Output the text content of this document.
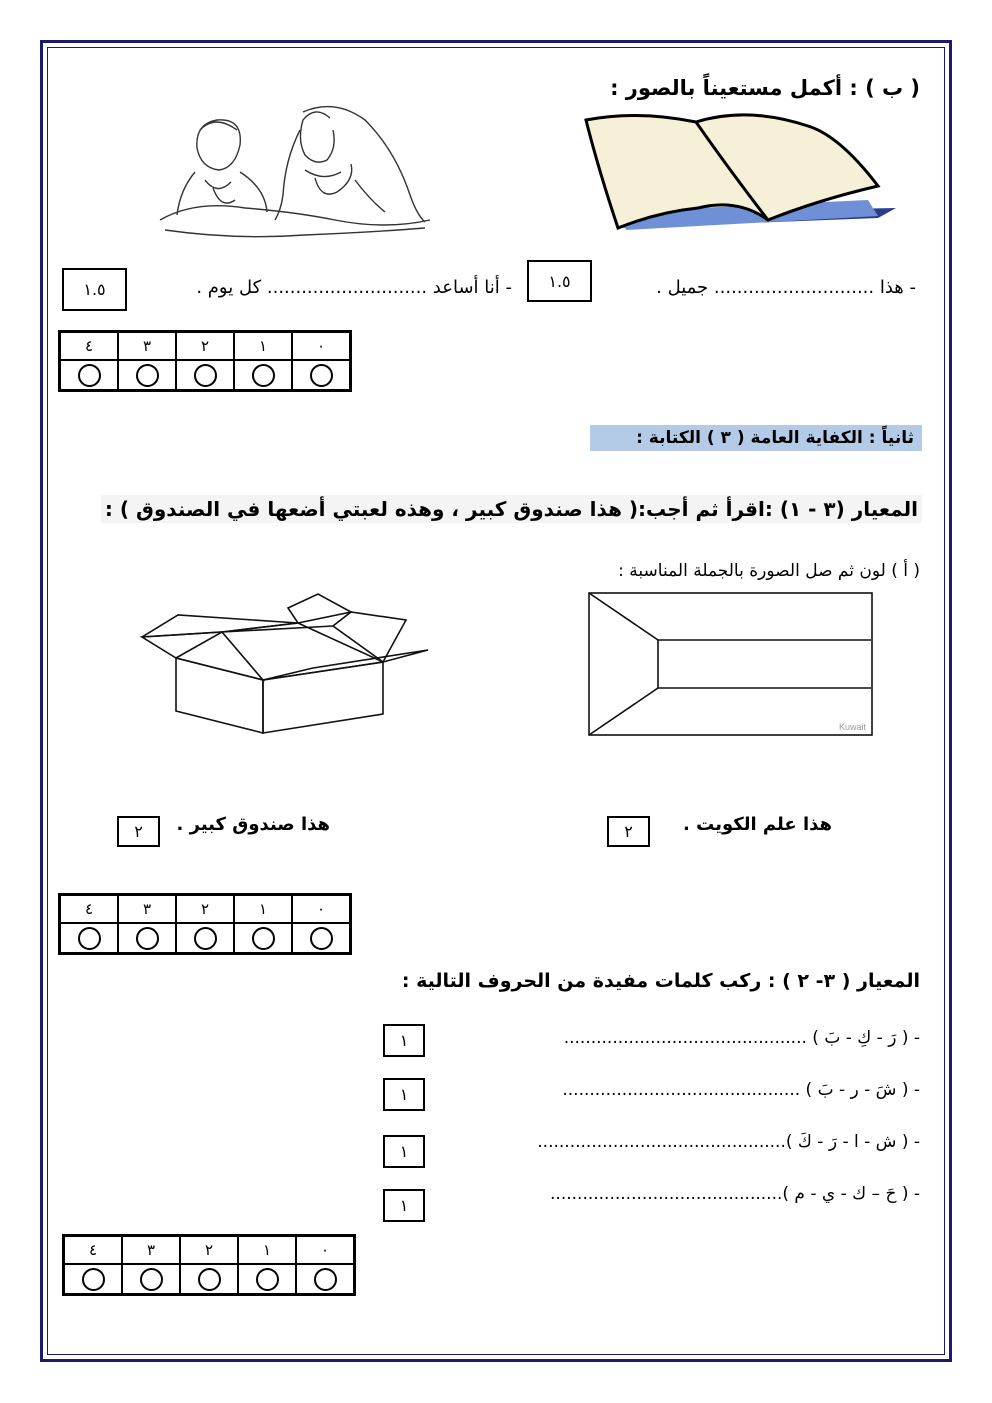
( ب ) : أكمل مستعيناً بالصور :
- هذا ............................ جميل .
١.٥
- أنا أساعد ............................ كل يوم .
١.٥
٤	٣	٢	١	٠

ثانياً : الكفاية العامة ( ٣ ) الكتابة :
المعيار (٣ - ١) :اقرأ ثم أجب:( هذا صندوق كبير ، وهذه لعبتي أضعها في الصندوق ) :
( أ ) لون ثم صل الصورة بالجملة المناسبة :
Kuwait
هذا علم الكويت .
٢
هذا صندوق كبير .
٢
٤	٣	٢	١	٠

المعيار ( ٣- ٢ ) : ركب كلمات مفيدة من الحروف التالية :
- ( رَ - كِ - بَ ) .............................................
١
- ( شَ - ر - بَ ) ............................................
١
- ( ش - ا - رَ - كَ )..............................................
١
- ( حَ – ك - ي - م )...........................................
١
٤	٣	٢	١	٠
